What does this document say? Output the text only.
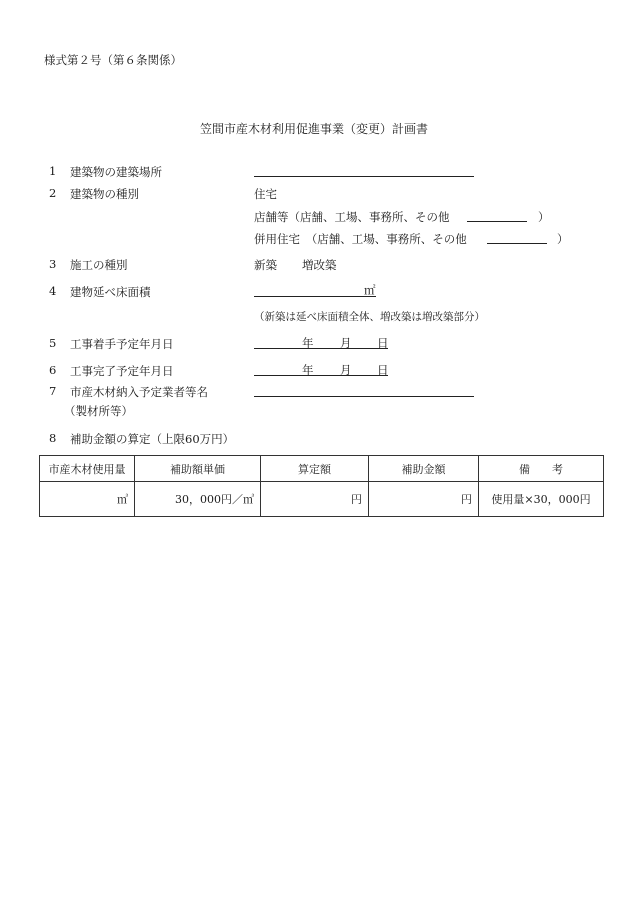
様式第２号（第６条関係）
笠間市産木材利用促進事業（変更）計画書
1 建築物の建築場所
2 建築物の種別	住宅
店舗等（店舗、工場、事務所、その他	）
併用住宅　（店舗、工場、事務所、その他	）
3 施工の種別	新築 増改築
4 建物延べ床面積	㎡
（新築は延べ床面積全体、増改築は増改築部分）
5 工事着手予定年月日	年 月 日
6 工事完了予定年月日	年 月 日
7 市産木材納入予定業者等名
（製材所等）
8 補助金額の算定（上限60万円）
市産木材使用量	補助額単価	算定額	補助金額	備　　考
㎥	30，000円／㎥	円	円	使用量×30，000円
